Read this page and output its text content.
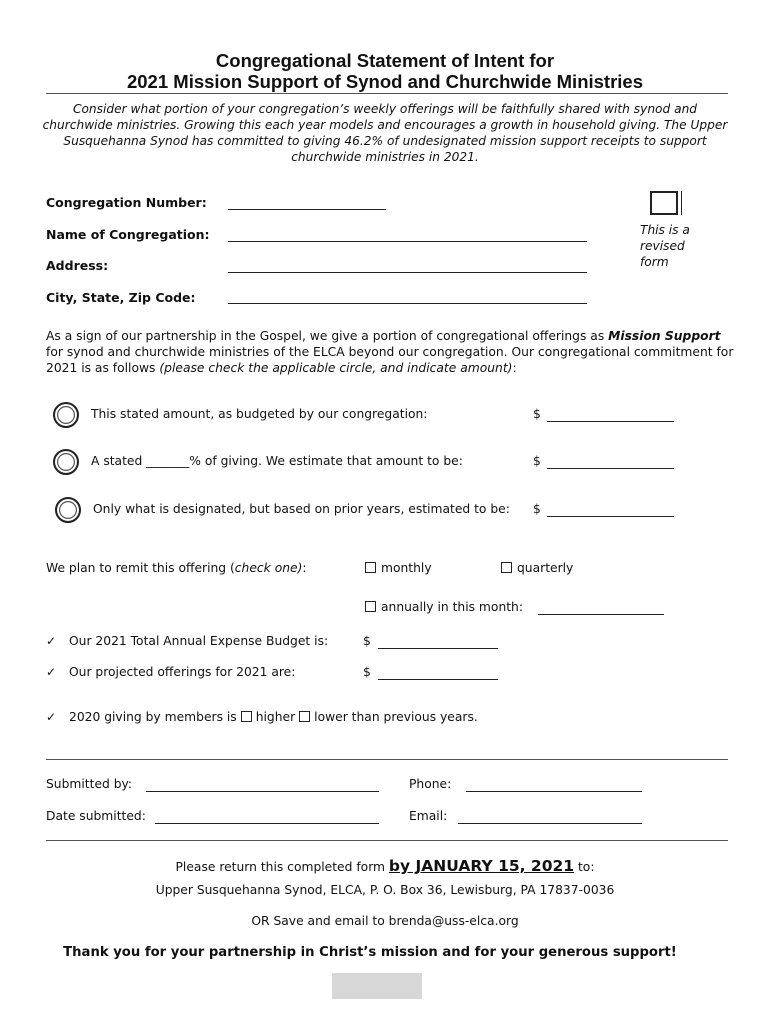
Congregational Statement of Intent for
2021 Mission Support of Synod and Churchwide Ministries
Consider what portion of your congregation’s weekly offerings will be faithfully shared with synod and churchwide ministries. Growing this each year models and encourages a growth in household giving. The Upper Susquehanna Synod has committed to giving 46.2% of undesignated mission support receipts to support churchwide ministries in 2021.
Congregation Number:
Name of Congregation:
Address:
City, State, Zip Code:
This is a revised form
As a sign of our partnership in the Gospel, we give a portion of congregational offerings as Mission Support for synod and churchwide ministries of the ELCA beyond our congregation. Our congregational commitment for 2021 is as follows (please check the applicable circle, and indicate amount):
This stated amount, as budgeted by our congregation:	$
A stated _______% of giving. We estimate that amount to be:	$
Only what is designated, but based on prior years, estimated to be: $
We plan to remit this offering (check one):	monthly	quarterly
annually in this month:
✓ Our 2021 Total Annual Expense Budget is:	$
✓ Our projected offerings for 2021 are:	$
✓ 2020 giving by members is higher lower than previous years.
Submitted by:	Phone:
Date submitted:	Email:
Please return this completed form by JANUARY 15, 2021 to:
Upper Susquehanna Synod, ELCA, P. O. Box 36, Lewisburg, PA 17837-0036
OR Save and email to brenda@uss-elca.org
Thank you for your partnership in Christ’s mission and for your generous support!
